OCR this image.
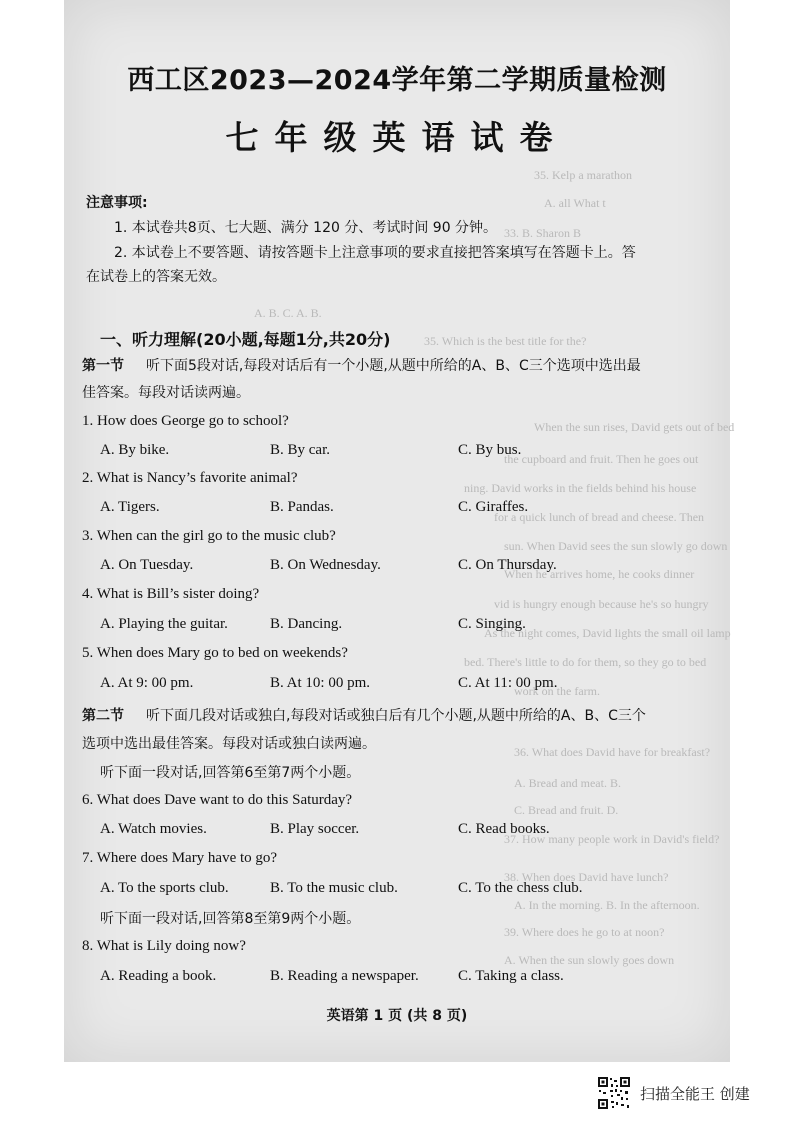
35. Kelp a marathon
A. all What t
33. B. Sharon B
A. B. C. A. B.
35. Which is the best title for the?
When the sun rises, David gets out of bed
the cupboard and fruit. Then he goes out
ning. David works in the fields behind his house
for a quick lunch of bread and cheese. Then
sun. When David sees the sun slowly go down
When he arrives home, he cooks dinner
vid is hungry enough because he's so hungry
As the night comes, David lights the small oil lamp
bed. There's little to do for them, so they go to bed
work on the farm.
36. What does David have for breakfast?
A. Bread and meat. B.
C. Bread and fruit. D.
37. How many people work in David's field?
38. When does David have lunch?
A. In the morning. B. In the afternoon.
39. Where does he go to at noon?
A. When the sun slowly goes down
西工区2023—2024学年第二学期质量检测
七年级英语试卷
注意事项:
1. 本试卷共8页、七大题、满分 120 分、考试时间 90 分钟。
2. 本试卷上不要答题、请按答题卡上注意事项的要求直接把答案填写在答题卡上。答
在试卷上的答案无效。
一、听力理解(20小题,每题1分,共20分)
第一节 听下面5段对话,每段对话后有一个小题,从题中所给的A、B、C三个选项中选出最
佳答案。每段对话读两遍。
1. How does George go to school?
A. By bike.	B. By car.	C. By bus.
2. What is Nancy’s favorite animal?
A. Tigers.	B. Pandas.	C. Giraffes.
3. When can the girl go to the music club?
A. On Tuesday.	B. On Wednesday.	C. On Thursday.
4. What is Bill’s sister doing?
A. Playing the guitar.	B. Dancing.	C. Singing.
5. When does Mary go to bed on weekends?
A. At 9: 00 pm.	B. At 10: 00 pm.	C. At 11: 00 pm.
第二节 听下面几段对话或独白,每段对话或独白后有几个小题,从题中所给的A、B、C三个
选项中选出最佳答案。每段对话或独白读两遍。
听下面一段对话,回答第6至第7两个小题。
6. What does Dave want to do this Saturday?
A. Watch movies.	B. Play soccer.	C. Read books.
7. Where does Mary have to go?
A. To the sports club.	B. To the music club.	C. To the chess club.
听下面一段对话,回答第8至第9两个小题。
8. What is Lily doing now?
A. Reading a book.	B. Reading a newspaper.	C. Taking a class.
英语第 1 页 (共 8 页)
扫描全能王 创建
